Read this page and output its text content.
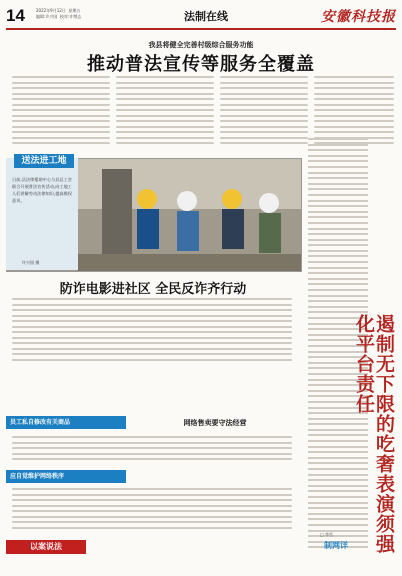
14	2022年9月12日  星期五
编辑:许兴国  校对:许增志	法制在线	安徽科技报
我县将健全完善村级综合服务功能
推动普法宣传等服务全覆盖
送法进工地
日前,县法律援助中心与县总工会联合开展普法宣传活动,向工地工人们讲解劳动法律知识,提高维权意识。
许兴国 摄
防诈电影进社区 全民反诈齐行动
遏制无下限的吃奢表演须强化平台责任
□ 李雪
员工私自修改有关商品	网络售卖要守法经营
应自觉维护网络秩序
以案说法	制网详
